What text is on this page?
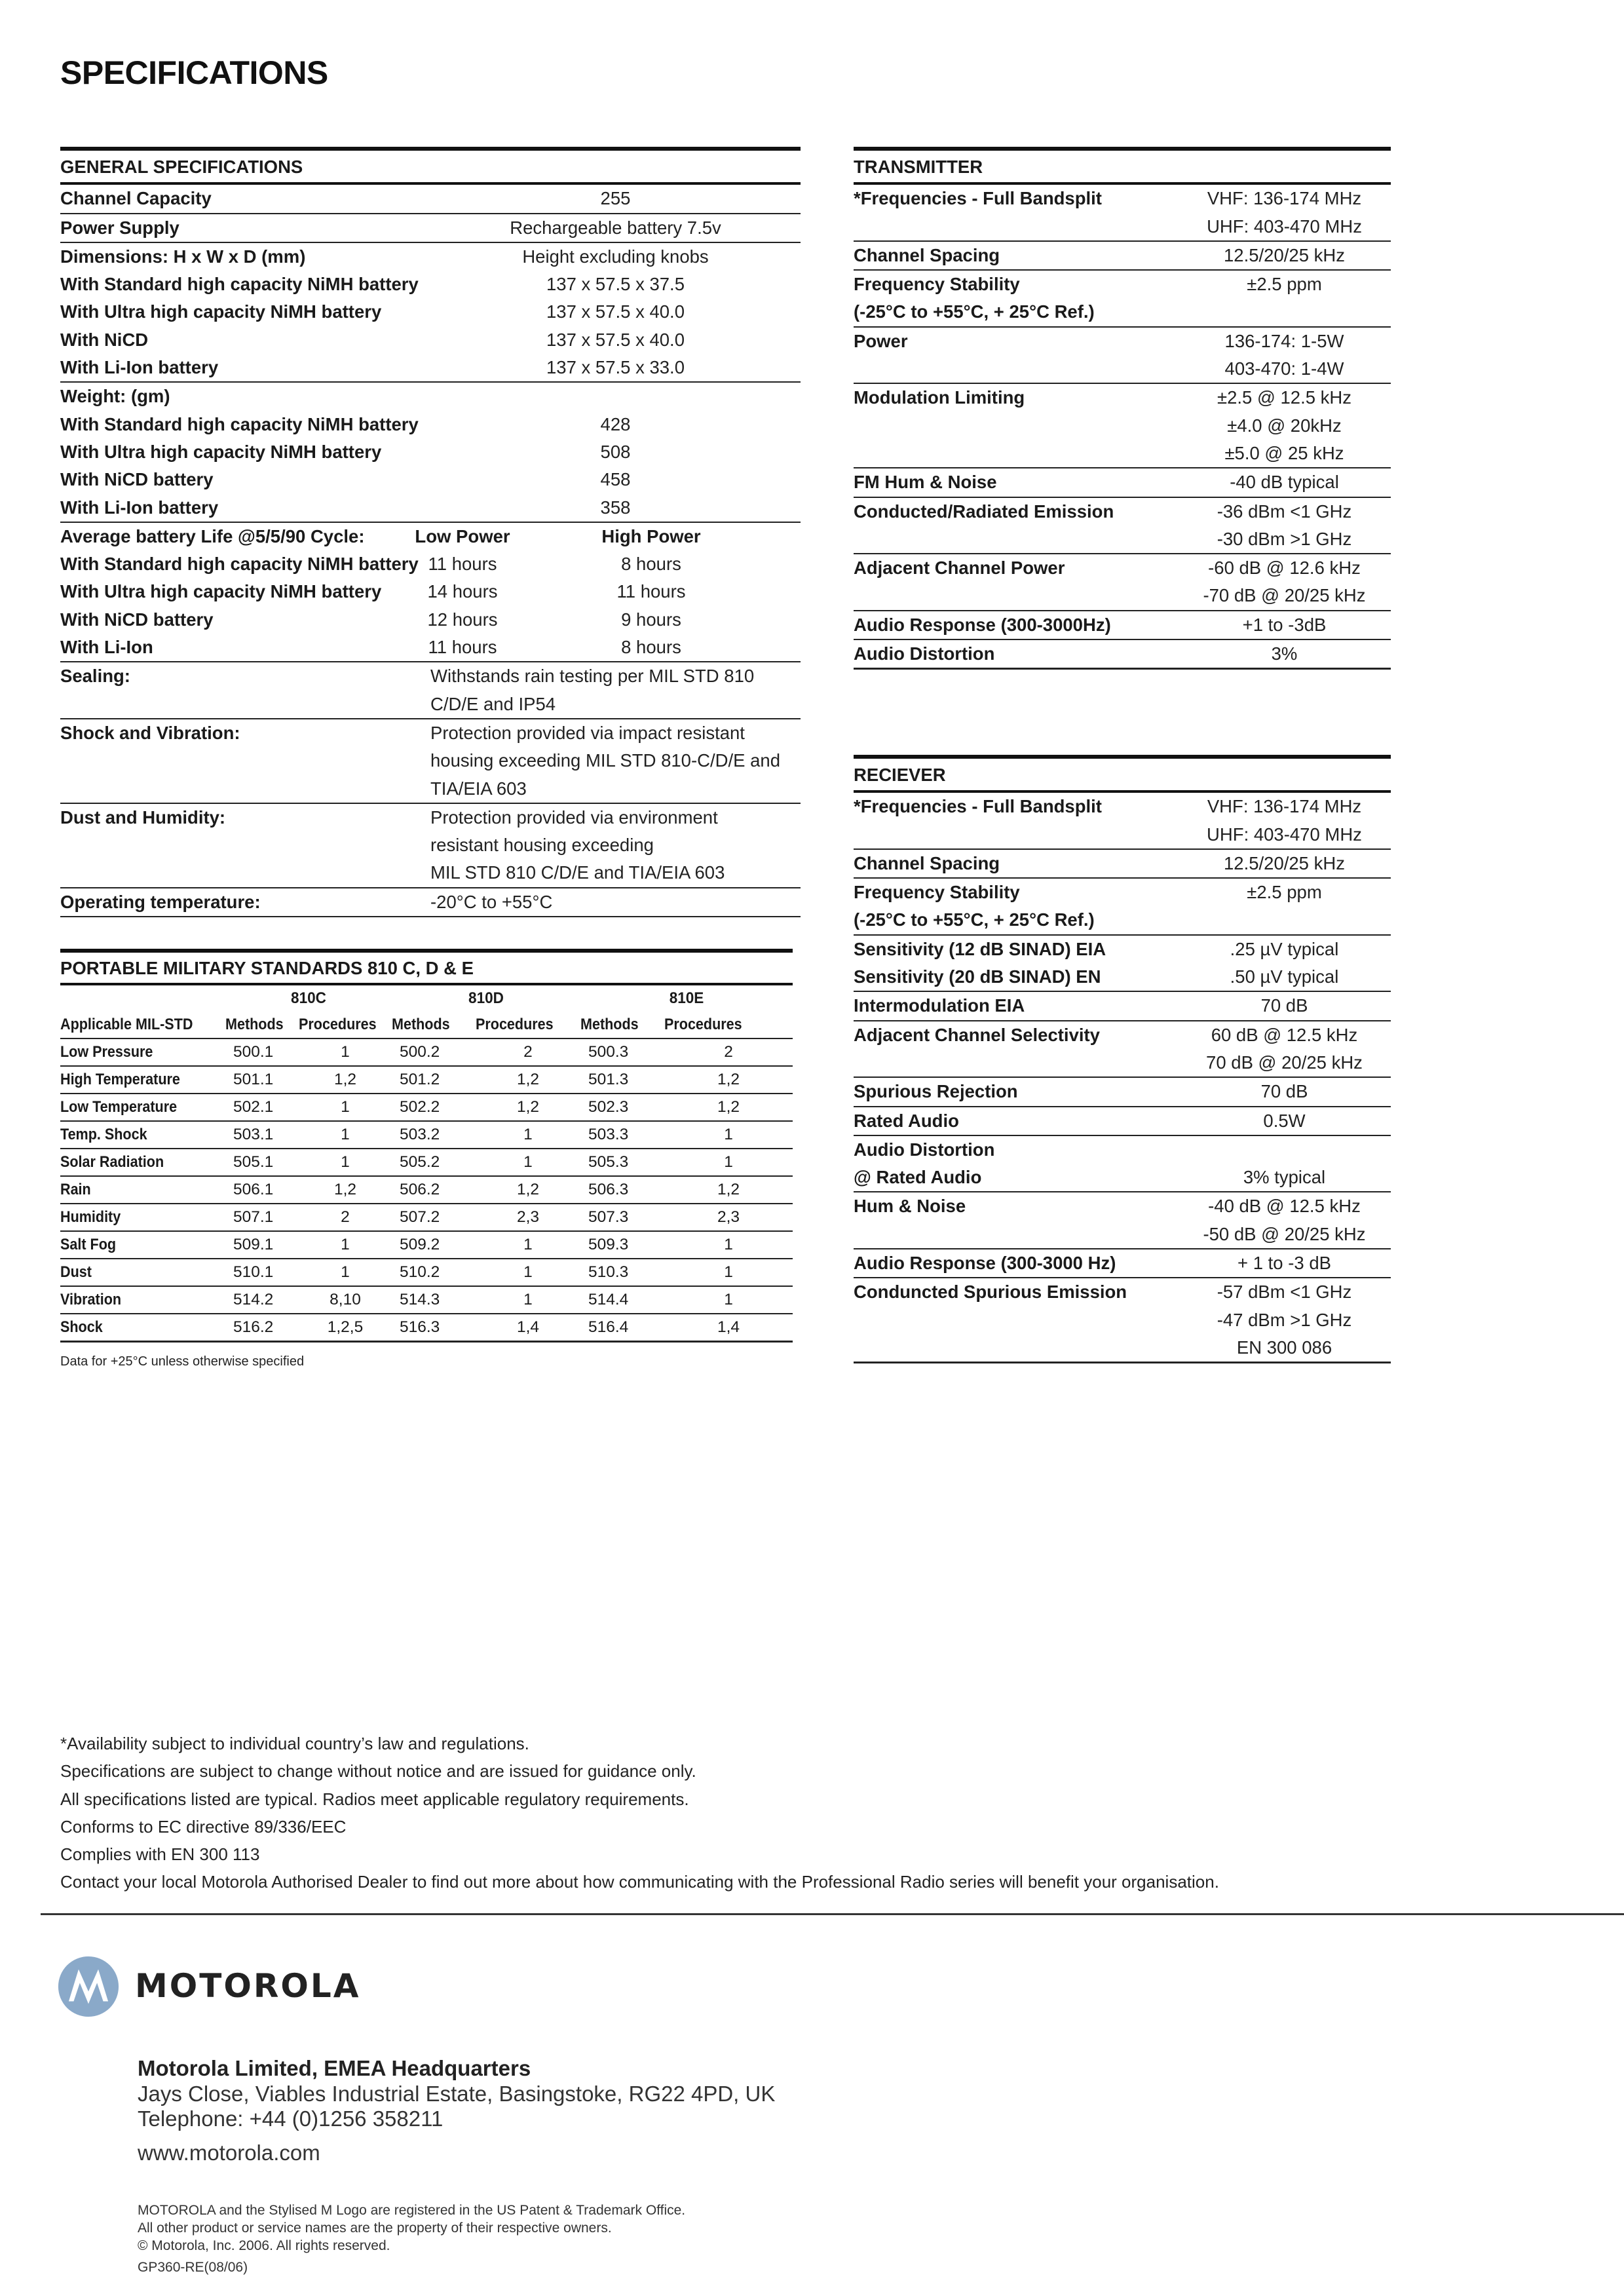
SPECIFICATIONS
GENERAL SPECIFICATIONS	
Channel Capacity	255
Power Supply	Rechargeable battery 7.5v
Dimensions: H x W x D (mm)	Height excluding knobs
With Standard high capacity NiMH battery	137 x 57.5 x 37.5
With Ultra high capacity NiMH battery	137 x 57.5 x 40.0
With NiCD	137 x 57.5 x 40.0
With Li-Ion battery	137 x 57.5 x 33.0
Weight: (gm)	
With Standard high capacity NiMH battery	428
With Ultra high capacity NiMH battery	508
With NiCD battery	458
With Li-Ion battery	358
Average battery Life @5/5/90 Cycle:	Low Power High Power

With Standard high capacity NiMH battery	11 hours 8 hours

With Ultra high capacity NiMH battery	14 hours 11 hours

With NiCD battery	12 hours 9 hours

With Li-Ion	11 hours 8 hours

Sealing:	Withstands rain testing per MIL STD 810
C/D/E and IP54

Shock and Vibration:	Protection provided via impact resistant
housing exceeding MIL STD 810-C/D/E and
TIA/EIA 603

Dust and Humidity:	Protection provided via environment
resistant housing exceeding
MIL STD 810 C/D/E and TIA/EIA 603

Operating temperature:	-20°C to +55°C
PORTABLE MILITARY STANDARDS 810 C, D & E						
	810C		810D		810E	
Applicable MIL-STD	Methods	Procedures	Methods	Procedures	Methods	Procedures
Low Pressure	500.1	1	500.2	2	500.3	2
High Temperature	501.1	1,2	501.2	1,2	501.3	1,2
Low Temperature	502.1	1	502.2	1,2	502.3	1,2
Temp. Shock	503.1	1	503.2	1	503.3	1
Solar Radiation	505.1	1	505.2	1	505.3	1
Rain	506.1	1,2	506.2	1,2	506.3	1,2
Humidity	507.1	2	507.2	2,3	507.3	2,3
Salt Fog	509.1	1	509.2	1	509.3	1
Dust	510.1	1	510.2	1	510.3	1
Vibration	514.2	8,10	514.3	1	514.4	1
Shock	516.2	1,2,5	516.3	1,4	516.4	1,4
Data for +25°C unless otherwise specified
TRANSMITTER	
*Frequencies - Full Bandsplit	VHF: 136-174 MHz
	UHF: 403-470 MHz
Channel Spacing	12.5/20/25 kHz
Frequency Stability	±2.5 ppm
(-25°C to +55°C, + 25°C Ref.)	
Power	136-174: 1-5W
	403-470: 1-4W
Modulation Limiting	±2.5 @ 12.5 kHz
	±4.0 @ 20kHz
	±5.0 @ 25 kHz
FM Hum & Noise	-40 dB typical
Conducted/Radiated Emission	-36 dBm <1 GHz
	-30 dBm >1 GHz
Adjacent Channel Power	-60 dB @ 12.6 kHz
	-70 dB @ 20/25 kHz
Audio Response (300-3000Hz)	+1 to -3dB
Audio Distortion	3%
RECIEVER	
*Frequencies - Full Bandsplit	VHF: 136-174 MHz
	UHF: 403-470 MHz
Channel Spacing	12.5/20/25 kHz
Frequency Stability	±2.5 ppm
(-25°C to +55°C, + 25°C Ref.)	
Sensitivity (12 dB SINAD) EIA	.25 µV typical
Sensitivity (20 dB SINAD) EN	.50 µV typical
Intermodulation EIA	70 dB
Adjacent Channel Selectivity	60 dB @ 12.5 kHz
	70 dB @ 20/25 kHz
Spurious Rejection	70 dB
Rated Audio	0.5W
Audio Distortion	
@ Rated Audio	3% typical
Hum & Noise	-40 dB @ 12.5 kHz
	-50 dB @ 20/25 kHz
Audio Response (300-3000 Hz)	+ 1 to -3 dB
Conduncted Spurious Emission	-57 dBm <1 GHz
	-47 dBm >1 GHz
	EN 300 086
*Availability subject to individual country’s law and regulations.
Specifications are subject to change without notice and are issued for guidance only.
All specifications listed are typical. Radios meet applicable regulatory requirements.
Conforms to EC directive 89/336/EEC
Complies with EN 300 113
Contact your local Motorola Authorised Dealer to find out more about how communicating with the Professional Radio series will benefit your organisation.
MOTOROLA
Motorola Limited, EMEA Headquarters
Jays Close, Viables Industrial Estate, Basingstoke, RG22 4PD, UK
Telephone: +44 (0)1256 358211
www.motorola.com
MOTOROLA and the Stylised M Logo are registered in the US Patent & Trademark Office.
All other product or service names are the property of their respective owners.
© Motorola, Inc. 2006. All rights reserved.
GP360-RE(08/06)
